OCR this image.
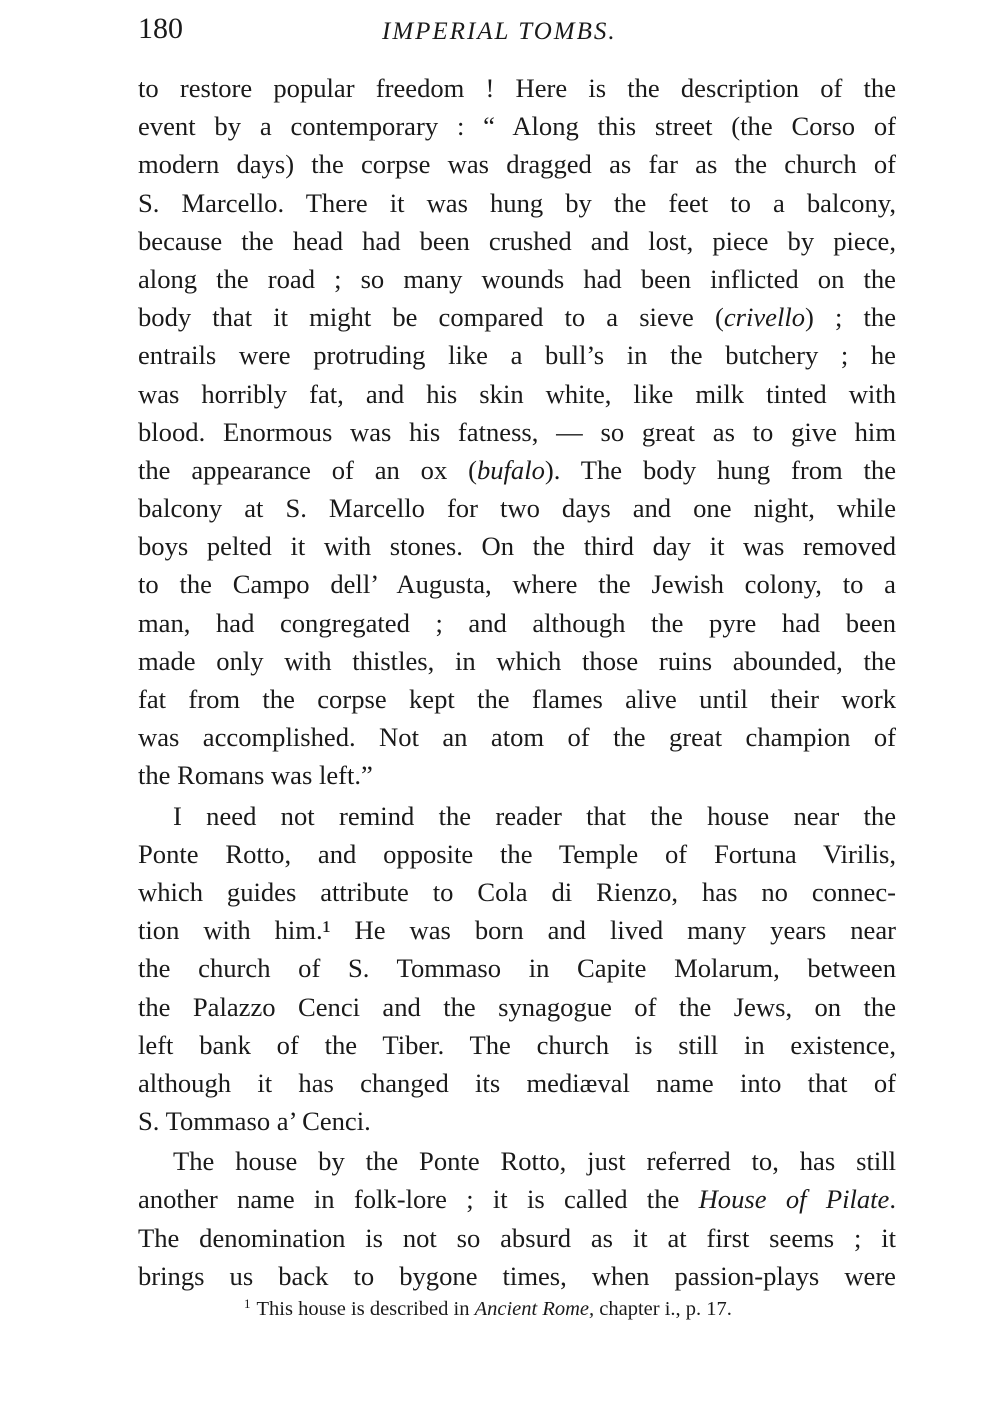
180	IMPERIAL TOMBS.
to restore popular freedom ! Here is the description of the
event by a contemporary : “ Along this street (the Corso of
modern days) the corpse was dragged as far as the church of
S. Marcello. There it was hung by the feet to a balcony,
because the head had been crushed and lost, piece by piece,
along the road ; so many wounds had been inflicted on the
body that it might be compared to a sieve (crivello) ; the
entrails were protruding like a bull’s in the butchery ; he
was horribly fat, and his skin white, like milk tinted with
blood. Enormous was his fatness, — so great as to give him
the appearance of an ox (bufalo). The body hung from the
balcony at S. Marcello for two days and one night, while
boys pelted it with stones. On the third day it was removed
to the Campo dell’ Augusta, where the Jewish colony, to a
man, had congregated ; and although the pyre had been
made only with thistles, in which those ruins abounded, the
fat from the corpse kept the flames alive until their work
was accomplished. Not an atom of the great champion of
the Romans was left.”
I need not remind the reader that the house near the
Ponte Rotto, and opposite the Temple of Fortuna Virilis,
which guides attribute to Cola di Rienzo, has no connec-
tion with him.¹ He was born and lived many years near
the church of S. Tommaso in Capite Molarum, between
the Palazzo Cenci and the synagogue of the Jews, on the
left bank of the Tiber. The church is still in existence,
although it has changed its mediæval name into that of
S. Tommaso a’ Cenci.
The house by the Ponte Rotto, just referred to, has still
another name in folk-lore ; it is called the House of Pilate.
The denomination is not so absurd as it at first seems ; it
brings us back to bygone times, when passion-plays were
$^1$ This house is described in Ancient Rome, chapter i., p. 17.
